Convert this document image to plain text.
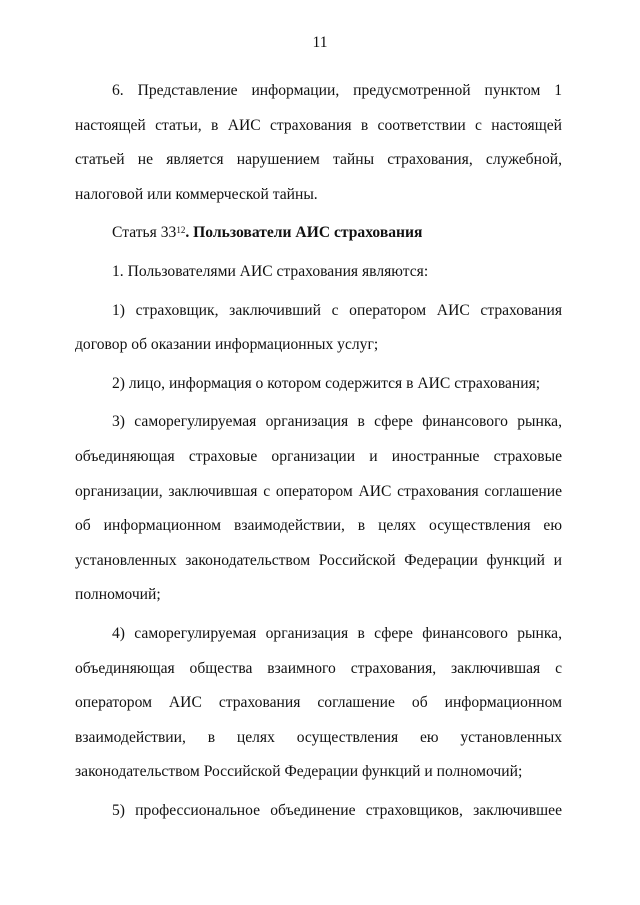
11

6. Представление информации, предусмотренной пунктом 1 настоящей статьи, в АИС страхования в соответствии с настоящей статьей не является нарушением тайны страхования, служебной, налоговой или коммерческой тайны.

Статья $33^{12}$. Пользователи АИС страхования

1. Пользователями АИС страхования являются:

1) страховщик, заключивший с оператором АИС страхования договор об оказании информационных услуг;

2) лицо, информация о котором содержится в АИС страхования;

3) саморегулируемая организация в сфере финансового рынка, объединяющая страховые организации и иностранные страховые организации, заключившая с оператором АИС страхования соглашение об информационном взаимодействии, в целях осуществления ею установленных законодательством Российской Федерации функций и полномочий;

4) саморегулируемая организация в сфере финансового рынка, объединяющая общества взаимного страхования, заключившая с оператором АИС страхования соглашение об информационном взаимодействии, в целях осуществления ею установленных законодательством Российской Федерации функций и полномочий;

5) профессиональное объединение страховщиков, заключившее
